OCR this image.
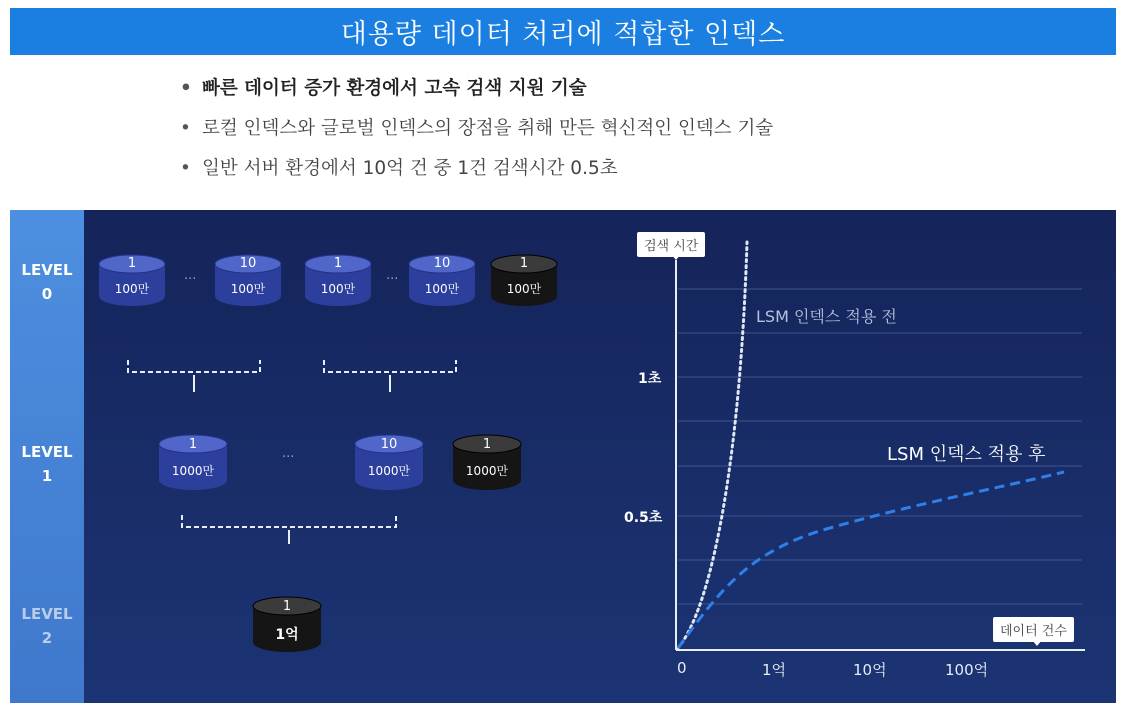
대용량 데이터 처리에 적합한 인덱스
• 빠른 데이터 증가 환경에서 고속 검색 지원 기술
• 로컬 인덱스와 글로벌 인덱스의 장점을 취해 만든 혁신적인 인덱스 기술
• 일반 서버 환경에서 10억 건 중 1건 검색시간 0.5초
LEVEL
0
LEVEL
1
LEVEL
2
···	···
···
1
100만
10
100만
1
100만
10
100만
1
100만
1
1000만
10
1000만
1
1000만
1
1억
검색 시간
데이터 건수
1초
0.5초
0	1억	10억	100억
LSM 인덱스 적용 전
LSM 인덱스 적용 후
